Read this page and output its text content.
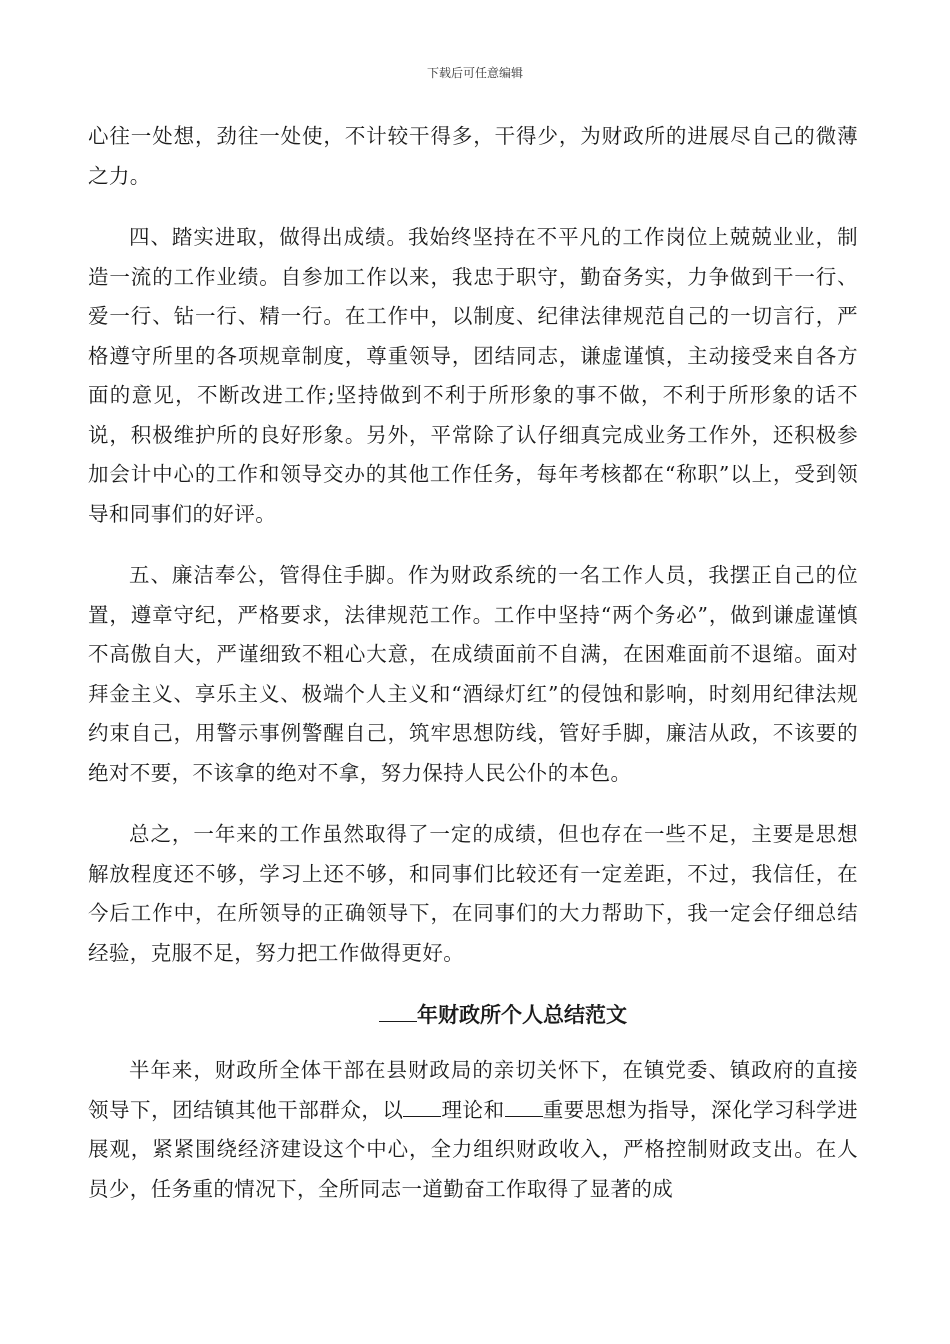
下载后可任意编辑

心往一处想，劲往一处使，不计较干得多，干得少，为财政所的进展尽自己的微薄之力。

四、踏实进取，做得出成绩。我始终坚持在不平凡的工作岗位上兢兢业业，制造一流的工作业绩。自参加工作以来，我忠于职守，勤奋务实，力争做到干一行、爱一行、钻一行、精一行。在工作中，以制度、纪律法律规范自己的一切言行，严格遵守所里的各项规章制度，尊重领导，团结同志，谦虚谨慎，主动接受来自各方面的意见，不断改进工作;坚持做到不利于所形象的事不做，不利于所形象的话不说，积极维护所的良好形象。另外，平常除了认仔细真完成业务工作外，还积极参加会计中心的工作和领导交办的其他工作任务，每年考核都在“称职”以上，受到领导和同事们的好评。

五、廉洁奉公，管得住手脚。作为财政系统的一名工作人员，我摆正自己的位置，遵章守纪，严格要求，法律规范工作。工作中坚持“两个务必”，做到谦虚谨慎不高傲自大，严谨细致不粗心大意，在成绩面前不自满，在困难面前不退缩。面对拜金主义、享乐主义、极端个人主义和“酒绿灯红”的侵蚀和影响，时刻用纪律法规约束自己，用警示事例警醒自己，筑牢思想防线，管好手脚，廉洁从政，不该要的绝对不要，不该拿的绝对不拿，努力保持人民公仆的本色。

总之，一年来的工作虽然取得了一定的成绩，但也存在一些不足，主要是思想解放程度还不够，学习上还不够，和同事们比较还有一定差距，不过，我信任，在今后工作中，在所领导的正确领导下，在同事们的大力帮助下，我一定会仔细总结经验，克服不足，努力把工作做得更好。

年财政所个人总结范文

半年来，财政所全体干部在县财政局的亲切关怀下，在镇党委、镇政府的直接领导下，团结镇其他干部群众，以 理论和 重要思想为指导，深化学习科学进展观，紧紧围绕经济建设这个中心，全力组织财政收入，严格控制财政支出。在人员少，任务重的情况下，全所同志一道勤奋工作取得了显著的成
